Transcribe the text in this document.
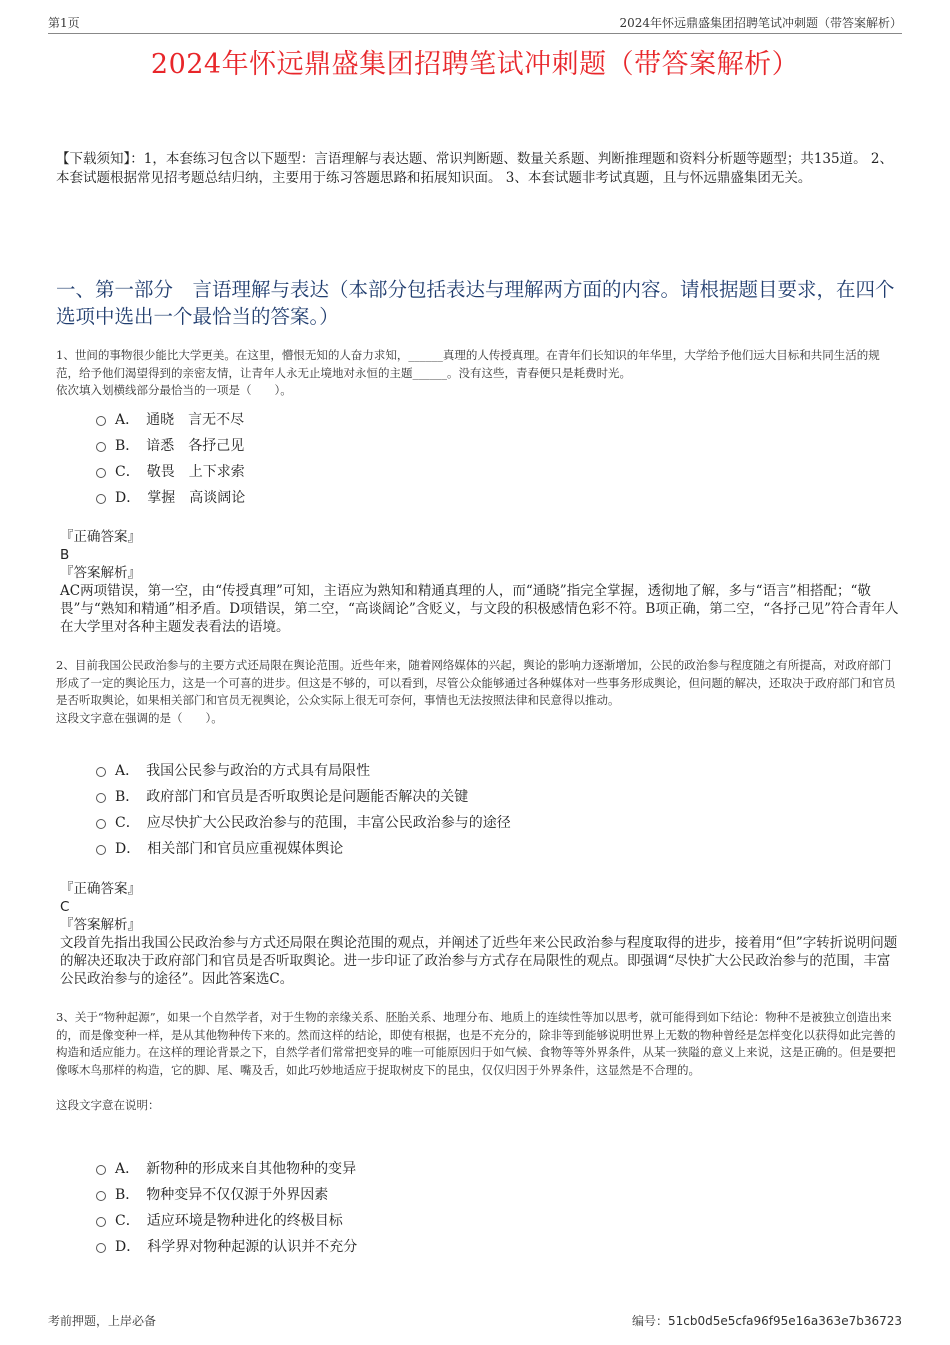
第1页	2024年怀远鼎盛集团招聘笔试冲刺题（带答案解析）
2024年怀远鼎盛集团招聘笔试冲刺题（带答案解析）
【下载须知】：1，本套练习包含以下题型：言语理解与表达题、常识判断题、数量关系题、判断推理题和资料分析题等题型；共135道。 2、本套试题根据常见招考题总结归纳，主要用于练习答题思路和拓展知识面。 3、本套试题非考试真题，且与怀远鼎盛集团无关。
一、第一部分　言语理解与表达（本部分包括表达与理解两方面的内容。请根据题目要求，在四个选项中选出一个最恰当的答案。）
1、世间的事物很少能比大学更美。在这里，懵恨无知的人奋力求知，______真理的人传授真理。在青年们长知识的年华里，大学给予他们远大目标和共同生活的规范，给予他们渴望得到的亲密友情，让青年人永无止境地对永恒的主题______。没有这些，青春便只是耗费时光。
依次填入划横线部分最恰当的一项是（　　）。
A．　通晓　言无不尽
B．　谙悉　各抒己见
C．　敬畏　上下求索
D．　掌握　高谈阔论
『正确答案』
B
『答案解析』
AC两项错误，第一空，由“传授真理”可知，主语应为熟知和精通真理的人，而“通晓”指完全掌握，透彻地了解，多与“语言”相搭配；“敬畏”与“熟知和精通”相矛盾。D项错误，第二空，“高谈阔论”含贬义，与文段的积极感情色彩不符。B项正确，第二空，“各抒己见”符合青年人在大学里对各种主题发表看法的语境。
2、目前我国公民政治参与的主要方式还局限在舆论范围。近些年来，随着网络媒体的兴起，舆论的影响力逐渐增加，公民的政治参与程度随之有所提高，对政府部门形成了一定的舆论压力，这是一个可喜的进步。但这是不够的，可以看到，尽管公众能够通过各种媒体对一些事务形成舆论，但问题的解决，还取决于政府部门和官员是否听取舆论，如果相关部门和官员无视舆论，公众实际上很无可奈何，事情也无法按照法律和民意得以推动。
这段文字意在强调的是（　　）。
A．　我国公民参与政治的方式具有局限性
B．　政府部门和官员是否听取舆论是问题能否解决的关键
C．　应尽快扩大公民政治参与的范围，丰富公民政治参与的途径
D．　相关部门和官员应重视媒体舆论
『正确答案』
C
『答案解析』
文段首先指出我国公民政治参与方式还局限在舆论范围的观点，并阐述了近些年来公民政治参与程度取得的进步，接着用“但”字转折说明问题的解决还取决于政府部门和官员是否听取舆论。进一步印证了政治参与方式存在局限性的观点。即强调“尽快扩大公民政治参与的范围，丰富公民政治参与的途径”。因此答案选C。
3、关于“物种起源”，如果一个自然学者，对于生物的亲缘关系、胚胎关系、地理分布、地质上的连续性等加以思考，就可能得到如下结论：物种不是被独立创造出来的，而是像变种一样，是从其他物种传下来的。然而这样的结论，即使有根据，也是不充分的，除非等到能够说明世界上无数的物种曾经是怎样变化以获得如此完善的构造和适应能力。在这样的理论背景之下，自然学者们常常把变异的唯一可能原因归于如气候、食物等等外界条件，从某一狭隘的意义上来说，这是正确的。但是要把像啄木鸟那样的构造，它的脚、尾、嘴及舌，如此巧妙地适应于捉取树皮下的昆虫，仅仅归因于外界条件，这显然是不合理的。
这段文字意在说明：
A．　新物种的形成来自其他物种的变异
B．　物种变异不仅仅源于外界因素
C．　适应环境是物种进化的终极目标
D．　科学界对物种起源的认识并不充分
考前押题，上岸必备	编号：51cb0d5e5cfa96f95e16a363e7b36723
